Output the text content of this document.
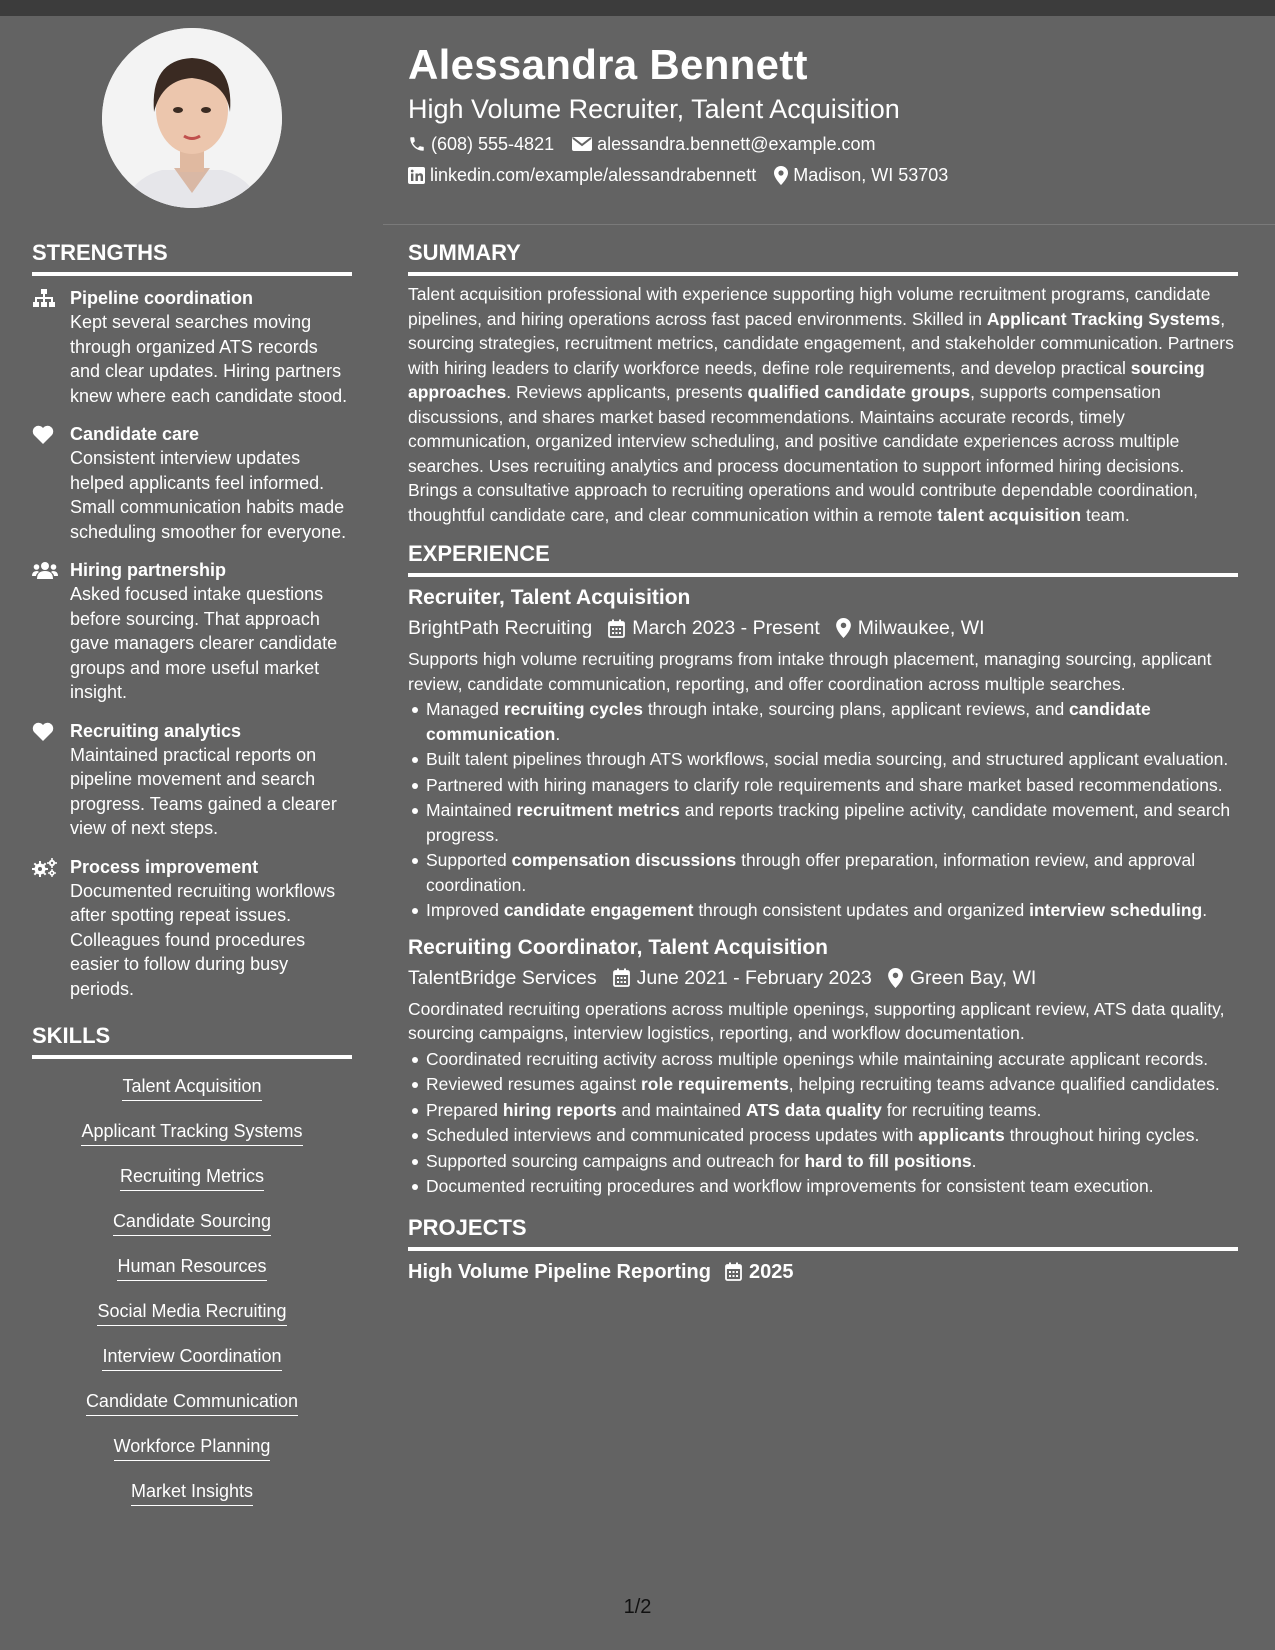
Alessandra Bennett
High Volume Recruiter, Talent Acquisition
(608) 555-4821 alessandra.bennett@example.com
linkedin.com/example/alessandrabennett Madison, WI 53703
STRENGTHS
Pipeline coordination
Kept several searches moving through organized ATS records and clear updates. Hiring partners knew where each candidate stood.
Candidate care
Consistent interview updates helped applicants feel informed. Small communication habits made scheduling smoother for everyone.
Hiring partnership
Asked focused intake questions before sourcing. That approach gave managers clearer candidate groups and more useful market insight.
Recruiting analytics
Maintained practical reports on pipeline movement and search progress. Teams gained a clearer view of next steps.
Process improvement
Documented recruiting workflows after spotting repeat issues. Colleagues found procedures easier to follow during busy periods.
SKILLS
Talent Acquisition
Applicant Tracking Systems
Recruiting Metrics
Candidate Sourcing
Human Resources
Social Media Recruiting
Interview Coordination
Candidate Communication
Workforce Planning
Market Insights
SUMMARY
Talent acquisition professional with experience supporting high volume recruitment programs, candidate pipelines, and hiring operations across fast paced environments. Skilled in Applicant Tracking Systems, sourcing strategies, recruitment metrics, candidate engagement, and stakeholder communication. Partners with hiring leaders to clarify workforce needs, define role requirements, and develop practical sourcing approaches. Reviews applicants, presents qualified candidate groups, supports compensation discussions, and shares market based recommendations. Maintains accurate records, timely communication, organized interview scheduling, and positive candidate experiences across multiple searches. Uses recruiting analytics and process documentation to support informed hiring decisions. Brings a consultative approach to recruiting operations and would contribute dependable coordination, thoughtful candidate care, and clear communication within a remote talent acquisition team.
EXPERIENCE
Recruiter, Talent Acquisition
BrightPath Recruiting	March 2023 - Present	Milwaukee, WI
Supports high volume recruiting programs from intake through placement, managing sourcing, applicant review, candidate communication, reporting, and offer coordination across multiple searches.
Managed recruiting cycles through intake, sourcing plans, applicant reviews, and candidate communication.
Built talent pipelines through ATS workflows, social media sourcing, and structured applicant evaluation.
Partnered with hiring managers to clarify role requirements and share market based recommendations.
Maintained recruitment metrics and reports tracking pipeline activity, candidate movement, and search progress.
Supported compensation discussions through offer preparation, information review, and approval coordination.
Improved candidate engagement through consistent updates and organized interview scheduling.
Recruiting Coordinator, Talent Acquisition
TalentBridge Services	June 2021 - February 2023	Green Bay, WI
Coordinated recruiting operations across multiple openings, supporting applicant review, ATS data quality, sourcing campaigns, interview logistics, reporting, and workflow documentation.
Coordinated recruiting activity across multiple openings while maintaining accurate applicant records.
Reviewed resumes against role requirements, helping recruiting teams advance qualified candidates.
Prepared hiring reports and maintained ATS data quality for recruiting teams.
Scheduled interviews and communicated process updates with applicants throughout hiring cycles.
Supported sourcing campaigns and outreach for hard to fill positions.
Documented recruiting procedures and workflow improvements for consistent team execution.
PROJECTS
High Volume Pipeline Reporting 2025
1/2
